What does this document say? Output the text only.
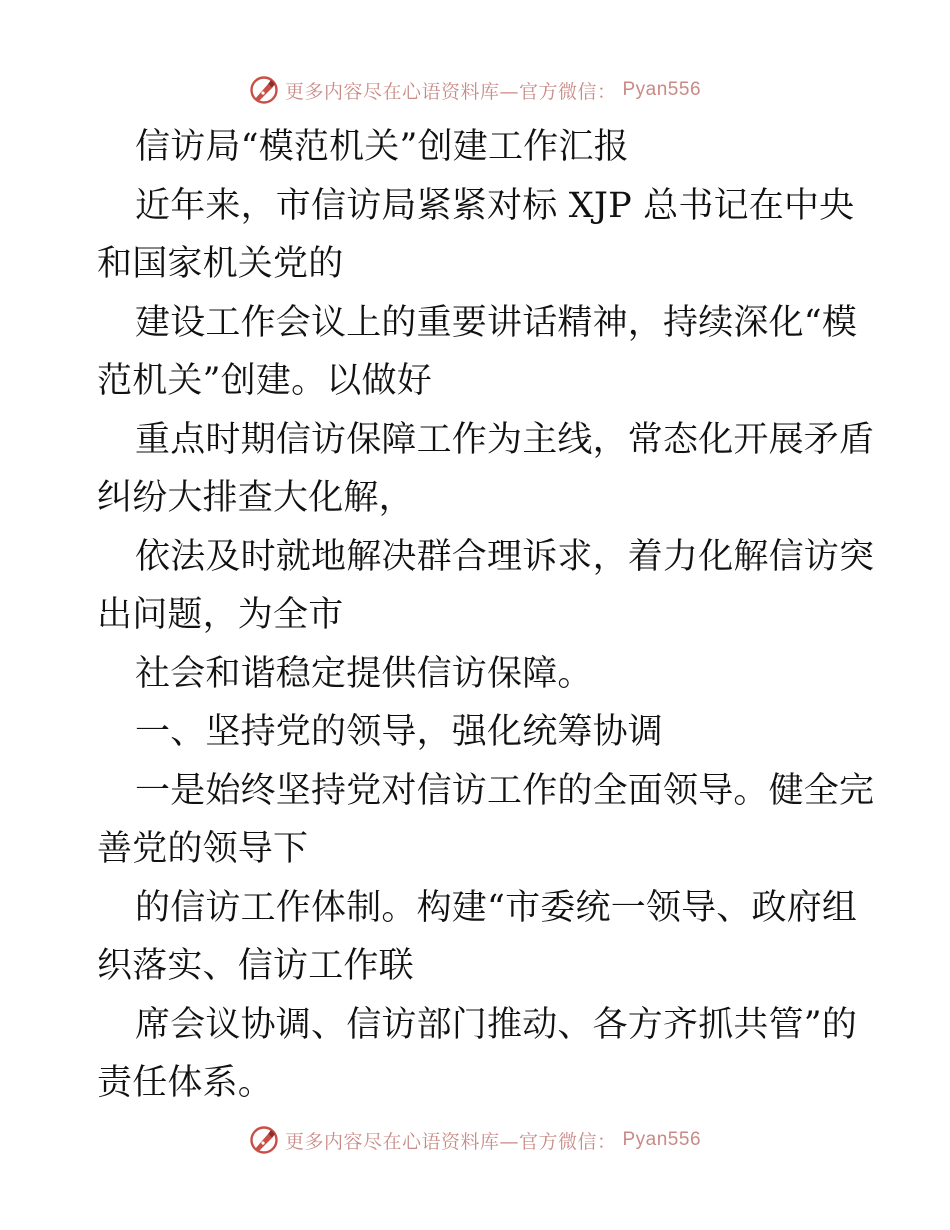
更多内容尽在心语资料库—官方微信： Pyan556
信访局“模范机关”创建工作汇报
近年来，市信访局紧紧对标 XJP 总书记在中央
和国家机关党的
建设工作会议上的重要讲话精神，持续深化“模
范机关”创建。以做好
重点时期信访保障工作为主线，常态化开展矛盾
纠纷大排查大化解，
依法及时就地解决群合理诉求，着力化解信访突
出问题，为全市
社会和谐稳定提供信访保障。
一、坚持党的领导，强化统筹协调
一是始终坚持党对信访工作的全面领导。健全完
善党的领导下
的信访工作体制。构建“市委统一领导、政府组
织落实、信访工作联
席会议协调、信访部门推动、各方齐抓共管”的
责任体系。
更多内容尽在心语资料库—官方微信： Pyan556
